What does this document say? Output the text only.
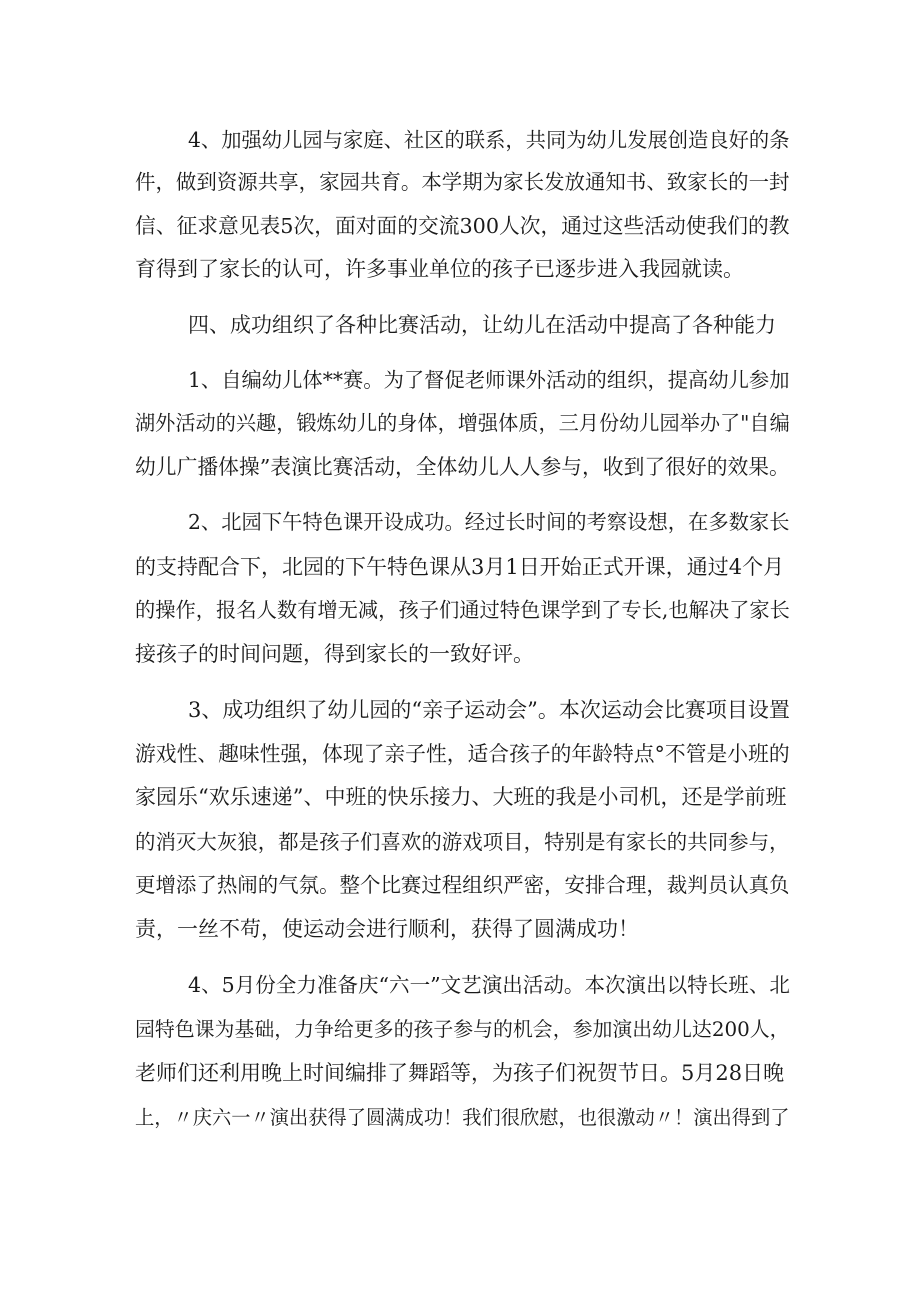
4、加强幼儿园与家庭、社区的联系，共同为幼儿发展创造良好的条
件，做到资源共享，家园共育。本学期为家长发放通知书、致家长的一封
信、征求意见表5次，面对面的交流300人次，通过这些活动使我们的教
育得到了家长的认可，许多事业单位的孩子已逐步进入我园就读。
四、成功组织了各种比赛活动，让幼儿在活动中提高了各种能力
1、自编幼儿体**赛。为了督促老师课外活动的组织，提高幼儿参加
湖外活动的兴趣，锻炼幼儿的身体，增强体质，三月份幼儿园举办了"自编
幼儿广播体操”表演比赛活动，全体幼儿人人参与，收到了很好的效果。
2、北园下午特色课开设成功。经过长时间的考察设想，在多数家长
的支持配合下，北园的下午特色课从3月1日开始正式开课，通过4个月
的操作，报名人数有增无减，孩子们通过特色课学到了专长,也解决了家长
接孩子的时间问题，得到家长的一致好评。
3、成功组织了幼儿园的“亲子运动会”。本次运动会比赛项目设置
游戏性、趣味性强，体现了亲子性，适合孩子的年龄特点°不管是小班的
家园乐“欢乐速递”、中班的快乐接力、大班的我是小司机，还是学前班
的消灭大灰狼，都是孩子们喜欢的游戏项目，特别是有家长的共同参与，
更增添了热闹的气氛。整个比赛过程组织严密，安排合理，裁判员认真负
责，一丝不苟，使运动会进行顺利，获得了圆满成功！
4、5月份全力准备庆“六一”文艺演出活动。本次演出以特长班、北
园特色课为基础，力争给更多的孩子参与的机会，参加演出幼儿达200人，
老师们还利用晚上时间编排了舞蹈等，为孩子们祝贺节日。5月28日晚
上，〃庆六一〃演出获得了圆满成功！我们很欣慰，也很激动〃！演出得到了
